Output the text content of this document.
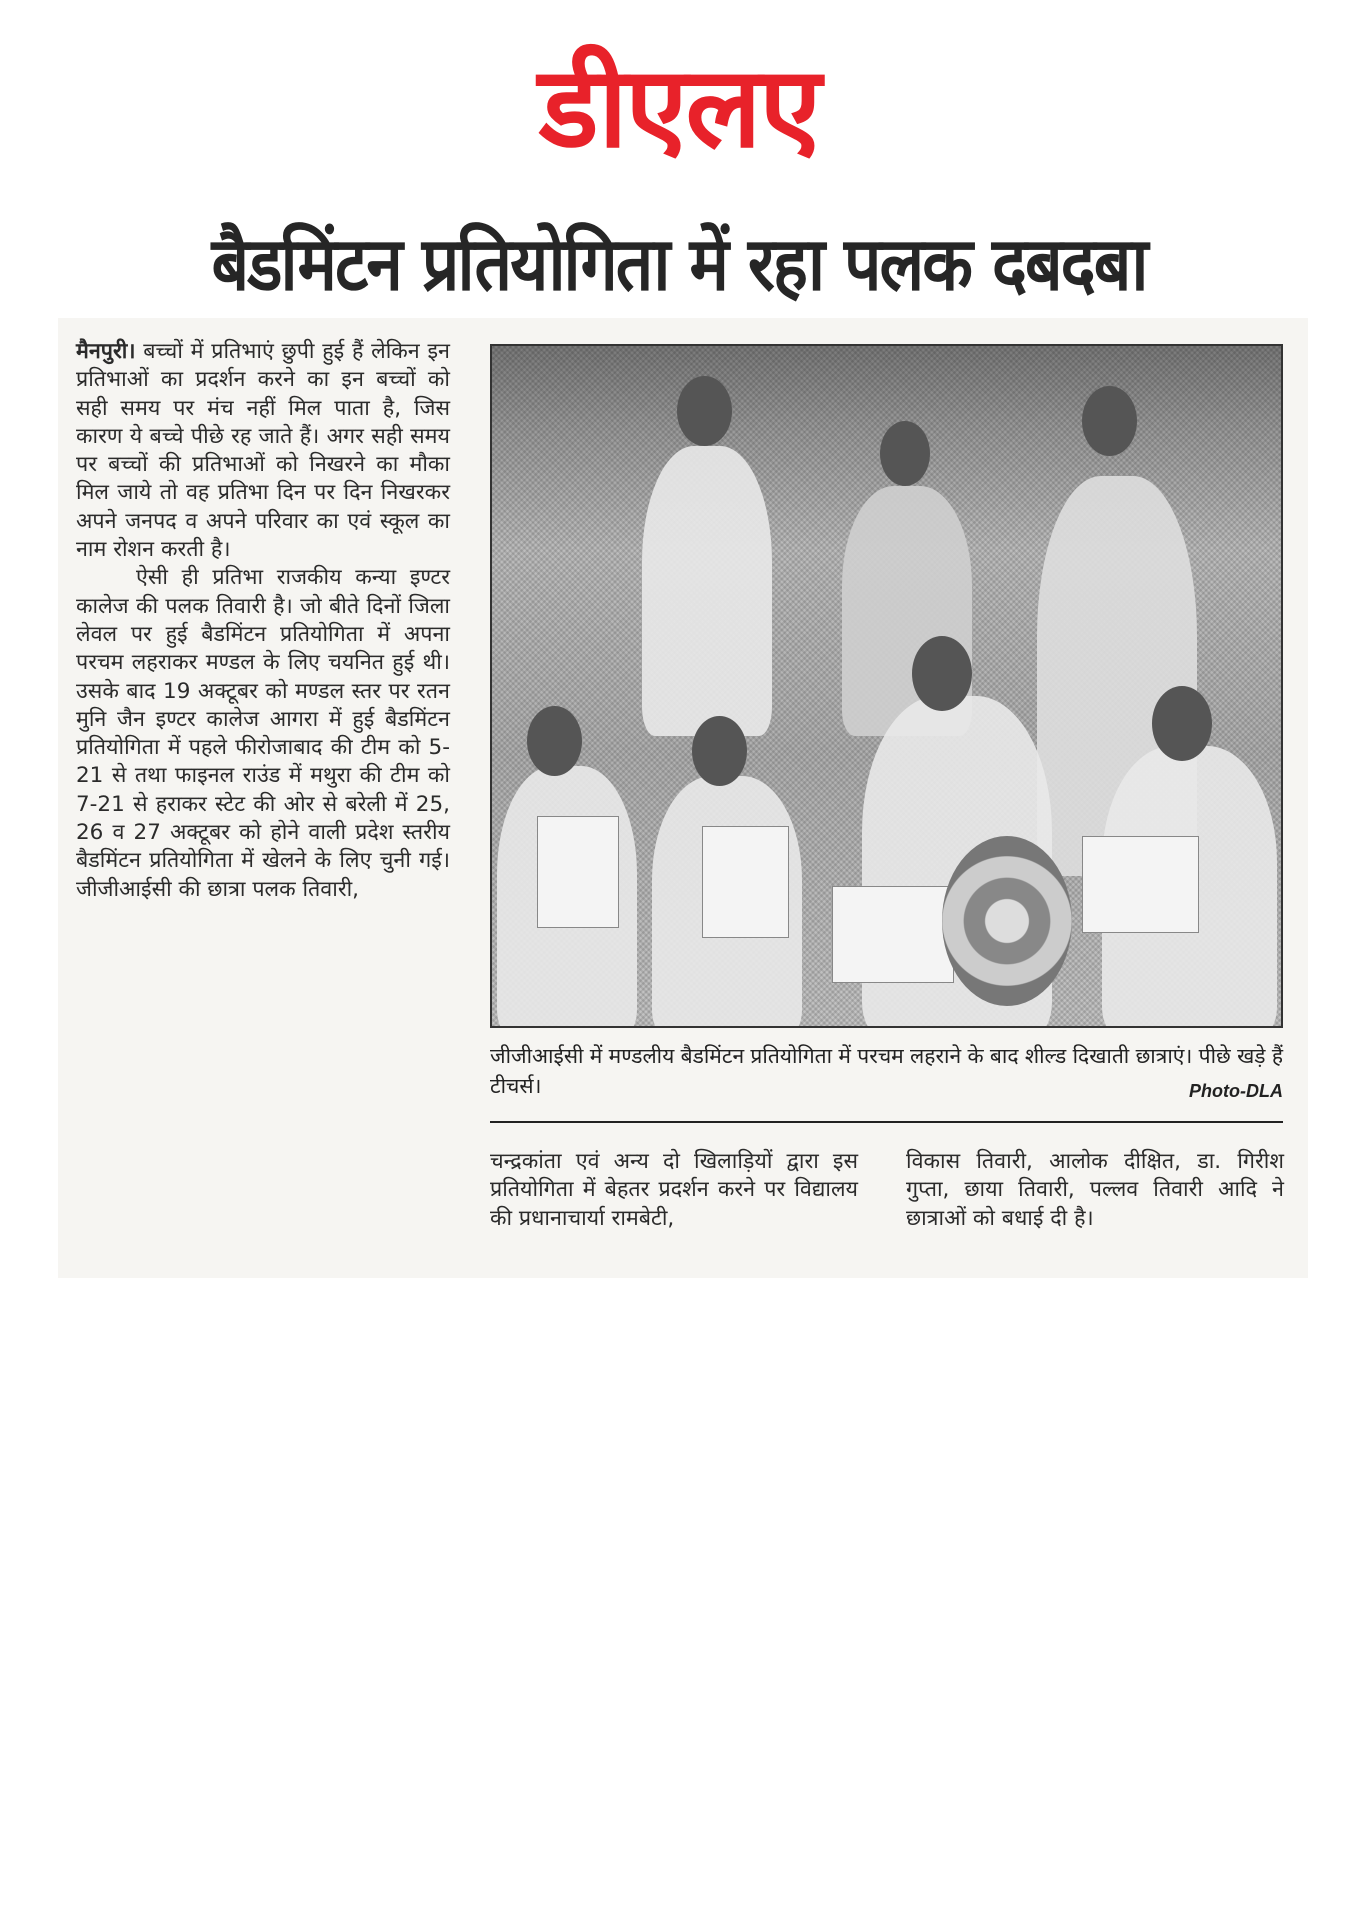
डीएलए
बैडमिंटन प्रतियोगिता में रहा पलक दबदबा

मैनपुरी। बच्चों में प्रतिभाएं छुपी हुई हैं लेकिन इन प्रतिभाओं का प्रदर्शन करने का इन बच्चों को सही समय पर मंच नहीं मिल पाता है, जिस कारण ये बच्चे पीछे रह जाते हैं। अगर सही समय पर बच्चों की प्रतिभाओं को निखरने का मौका मिल जाये तो वह प्रतिभा दिन पर दिन निखरकर अपने जनपद व अपने परिवार का एवं स्कूल का नाम रोशन करती है।

ऐसी ही प्रतिभा राजकीय कन्या इण्टर कालेज की पलक तिवारी है। जो बीते दिनों जिला लेवल पर हुई बैडमिंटन प्रतियोगिता में अपना परचम लहराकर मण्डल के लिए चयनित हुई थी। उसके बाद 19 अक्टूबर को मण्डल स्तर पर रतन मुनि जैन इण्टर कालेज आगरा में हुई बैडमिंटन प्रतियोगिता में पहले फीरोजाबाद की टीम को 5-21 से तथा फाइनल राउंड में मथुरा की टीम को 7-21 से हराकर स्टेट की ओर से बरेली में 25, 26 व 27 अक्टूबर को होने वाली प्रदेश स्तरीय बैडमिंटन प्रतियोगिता में खेलने के लिए चुनी गई। जीजीआईसी की छात्रा पलक तिवारी,

जीजीआईसी में मण्डलीय बैडमिंटन प्रतियोगिता में परचम लहराने के बाद शील्ड दिखाती छात्राएं। पीछे खड़े हैं टीचर्स।	Photo-DLA

चन्द्रकांता एवं अन्य दो खिलाड़ियों द्वारा इस प्रतियोगिता में बेहतर प्रदर्शन करने पर विद्यालय की प्रधानाचार्या रामबेटी,

विकास तिवारी, आलोक दीक्षित, डा. गिरीश गुप्ता, छाया तिवारी, पल्लव तिवारी आदि ने छात्राओं को बधाई दी है।
